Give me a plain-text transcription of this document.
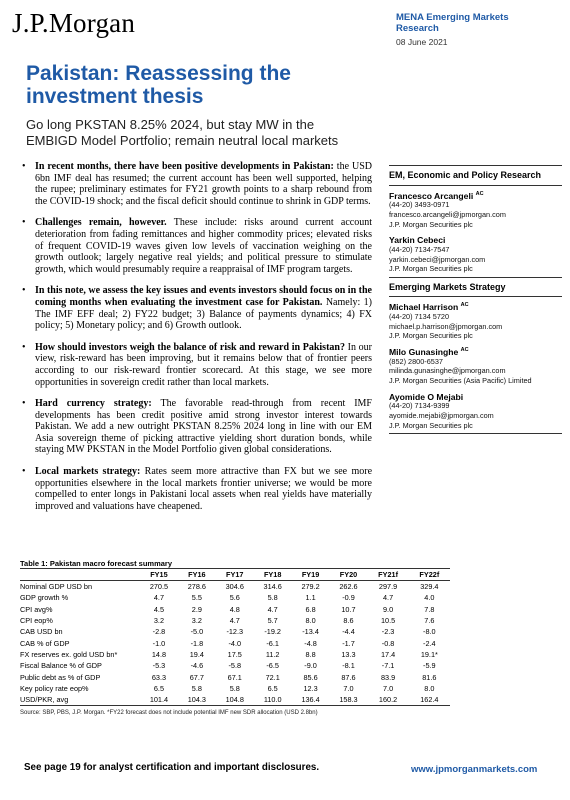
J.P.Morgan	MENA Emerging Markets
Research
08 June 2021
Pakistan: Reassessing the investment thesis
Go long PKSTAN 8.25% 2024, but stay MW in the EMBIGD Model Portfolio; remain neutral local markets
• In recent months, there have been positive developments in Pakistan: the USD 6bn IMF deal has resumed; the current account has been well supported, helping the rupee; preliminary estimates for FY21 growth points to a sharp rebound from the COVID-19 shock; and the fiscal deficit should continue to shrink in GDP terms.
• Challenges remain, however. These include: risks around current account deterioration from fading remittances and higher commodity prices; elevated risks of frequent COVID-19 waves given low levels of vaccination weighing on the growth outlook; largely negative real yields; and political pressure to stimulate growth, which would presumably require a reappraisal of IMF program targets.
• In this note, we assess the key issues and events investors should focus on in the coming months when evaluating the investment case for Pakistan. Namely: 1) The IMF EFF deal; 2) FY22 budget; 3) Balance of payments dynamics; 4) FX policy; 5) Monetary policy; and 6) Growth outlook.
• How should investors weigh the balance of risk and reward in Pakistan? In our view, risk-reward has been improving, but it remains below that of frontier peers according to our risk-reward frontier scorecard. At this stage, we see more opportunities in sovereign credit rather than local markets.
• Hard currency strategy: The favorable read-through from recent IMF developments has been credit positive amid strong investor interest towards Pakistan. We add a new outright PKSTAN 8.25% 2024 long in line with our EM Asia sovereign theme of picking attractive yielding short duration bonds, while staying MW PKSTAN in the Model Portfolio given global considerations.
• Local markets strategy: Rates seem more attractive than FX but we see more opportunities elsewhere in the local markets frontier universe; we would be more compelled to enter longs in Pakistani local assets when real yields have materially improved and valuations have cheapened.
EM, Economic and Policy Research
Francesco Arcangeli $^{AC}$
(44-20) 3493-0971
francesco.arcangeli@jpmorgan.com
J.P. Morgan Securities plc
Yarkin Cebeci
(44-20) 7134-7547
yarkin.cebeci@jpmorgan.com
J.P. Morgan Securities plc
Emerging Markets Strategy
Michael Harrison $^{AC}$
(44-20) 7134 5720
michael.p.harrison@jpmorgan.com
J.P. Morgan Securities plc
Milo Gunasinghe $^{AC}$
(852) 2800-6537
milinda.gunasinghe@jpmorgan.com
J.P. Morgan Securities (Asia Pacific) Limited
Ayomide O Mejabi
(44-20) 7134-9399
ayomide.mejabi@jpmorgan.com
J.P. Morgan Securities plc
Table 1: Pakistan macro forecast summary
	FY15	FY16	FY17	FY18	FY19	FY20	FY21f	FY22f
Nominal GDP USD bn	270.5	278.6	304.6	314.6	279.2	262.6	297.9	329.4
GDP growth %	4.7	5.5	5.6	5.8	1.1	-0.9	4.7	4.0
CPI avg%	4.5	2.9	4.8	4.7	6.8	10.7	9.0	7.8
CPI eop%	3.2	3.2	4.7	5.7	8.0	8.6	10.5	7.6
CAB USD bn	-2.8	-5.0	-12.3	-19.2	-13.4	-4.4	-2.3	-8.0
CAB % of GDP	-1.0	-1.8	-4.0	-6.1	-4.8	-1.7	-0.8	-2.4
FX reserves ex. gold USD bn*	14.8	19.4	17.5	11.2	8.8	13.3	17.4	19.1*
Fiscal Balance % of GDP	-5.3	-4.6	-5.8	-6.5	-9.0	-8.1	-7.1	-5.9
Public debt as % of GDP	63.3	67.7	67.1	72.1	85.6	87.6	83.9	81.6
Key policy rate eop%	6.5	5.8	5.8	6.5	12.3	7.0	7.0	8.0
USD/PKR, avg	101.4	104.3	104.8	110.0	136.4	158.3	160.2	162.4
Source: SBP, PBS, J.P. Morgan. *FY22 forecast does not include potential IMF new SDR allocation (USD 2.8bn)
See page 19 for analyst certification and important disclosures.	www.jpmorganmarkets.com
